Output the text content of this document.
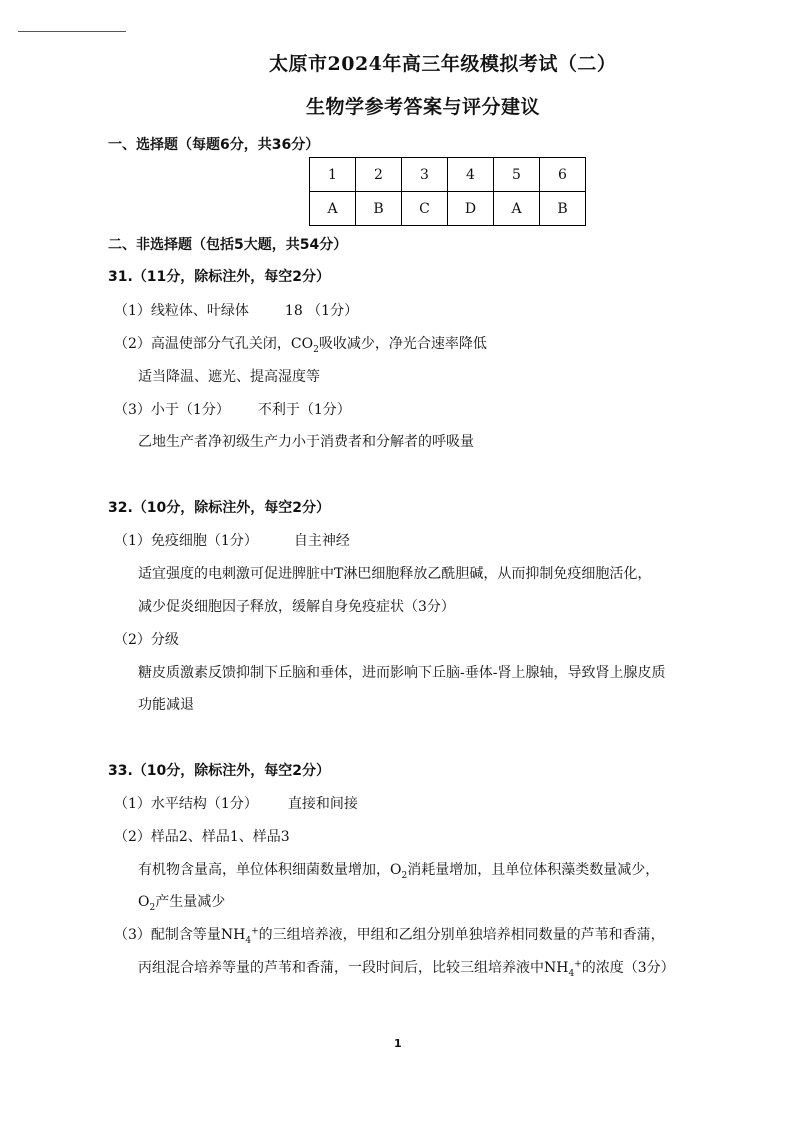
太原市2024年高三年级模拟考试（二）
生物学参考答案与评分建议
一、选择题（每题6分，共36分）
1	2	3	4	5	6
A	B	C	D	A	B
二、非选择题（包括5大题，共54分）
31.（11分，除标注外，每空2分）
（1）线粒体、叶绿体	18 （1分）
（2）高温使部分气孔关闭，$CO_2$吸收减少，净光合速率降低
适当降温、遮光、提高湿度等
（3）小于（1分） 不利于（1分）
乙地生产者净初级生产力小于消费者和分解者的呼吸量
32.（10分，除标注外，每空2分）
（1）免疫细胞（1分）	自主神经
适宜强度的电刺激可促进脾脏中T淋巴细胞释放乙酰胆碱，从而抑制免疫细胞活化，
减少促炎细胞因子释放，缓解自身免疫症状（3分）
（2）分级
糖皮质激素反馈抑制下丘脑和垂体，进而影响下丘脑-垂体-肾上腺轴，导致肾上腺皮质
功能减退
33.（10分，除标注外，每空2分）
（1）水平结构（1分） 直接和间接
（2）样品2、样品1、样品3
有机物含量高，单位体积细菌数量增加，$O_2$消耗量增加，且单位体积藻类数量减少，
$O_2$产生量减少
（3）配制含等量$NH_4^+$的三组培养液，甲组和乙组分别单独培养相同数量的芦苇和香蒲，
丙组混合培养等量的芦苇和香蒲，一段时间后，比较三组培养液中$NH_4^+$的浓度（3分）
1
